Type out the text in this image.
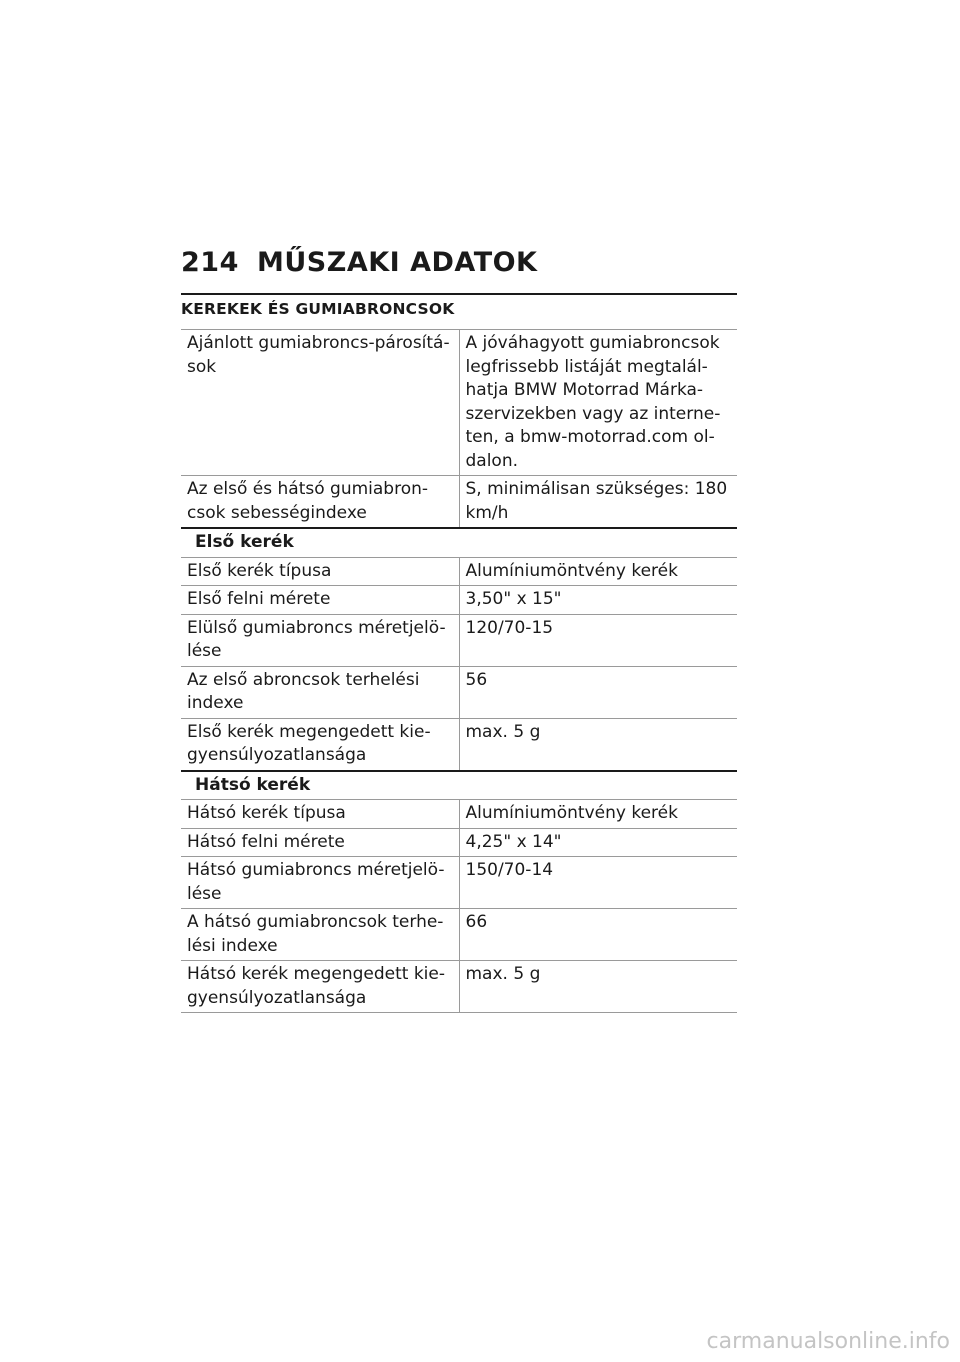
214 MŰSZAKI ADATOK
KEREKEK ÉS GUMIABRONCSOK
Ajánlott gumiabroncs-párosítá-sok	A jóváhagyott gumiabroncsok legfrissebb listáját megtalál-hatja BMW Motorrad Márka-szervizekben vagy az interne-ten, a bmw-motorrad.com ol-dalon.
Az első és hátsó gumiabron-csok sebességindexe	S, minimálisan szükséges: 180 km/h
Első kerék	
Első kerék típusa	Alumíniumöntvény kerék
Első felni mérete	3,50" x 15"
Elülső gumiabroncs méretjelö-lése	120/70-15
Az első abroncsok terhelési indexe	56
Első kerék megengedett kie-gyensúlyozatlansága	max. 5 g
Hátsó kerék	
Hátsó kerék típusa	Alumíniumöntvény kerék
Hátsó felni mérete	4,25" x 14"
Hátsó gumiabroncs méretjelö-lése	150/70-14
A hátsó gumiabroncsok terhe-lési indexe	66
Hátsó kerék megengedett kie-gyensúlyozatlansága	max. 5 g
carmanualsonline.info
